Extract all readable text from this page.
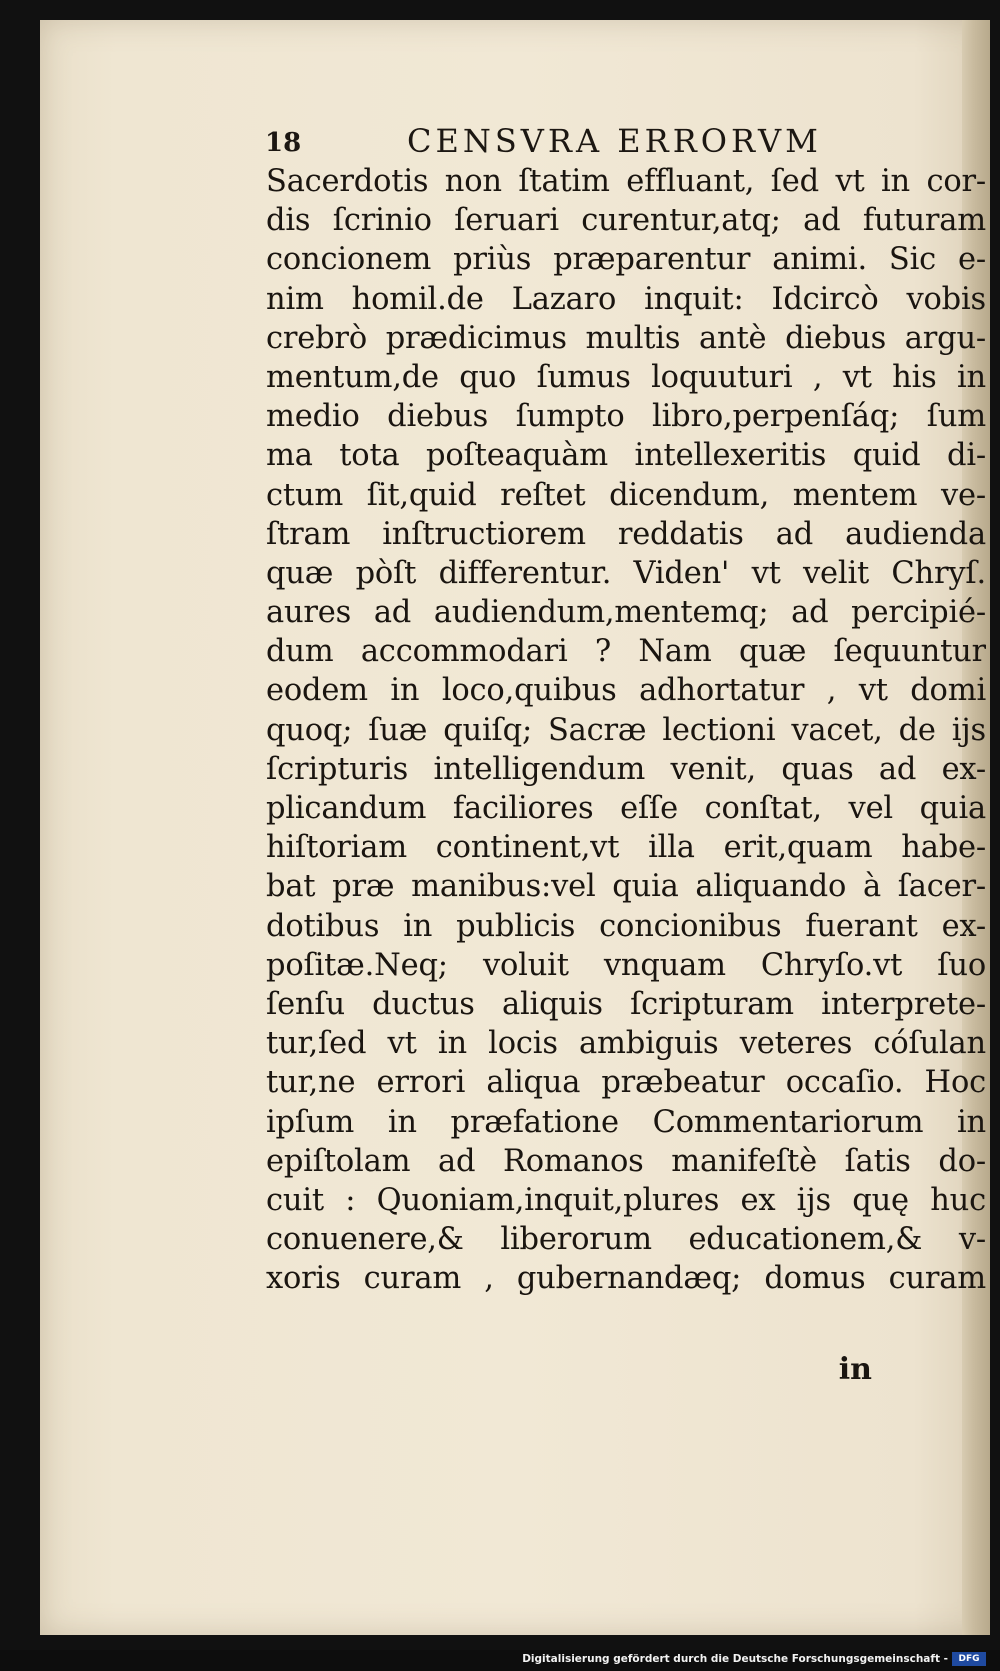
18	CENSVRA ERRORVM
Sacerdotis non ſtatim effluant, ſed vt in cor-
dis ſcrinio ſeruari curentur,atq; ad futuram
concionem priùs præparentur animi. Sic e-
nim homil.de Lazaro inquit: Idcircò vobis
crebrò prædicimus multis antè diebus argu-
mentum,de quo ſumus loquuturi , vt his in
medio diebus ſumpto libro,perpenſáq; ſum
ma tota poſteaquàm intellexeritis quid di-
ctum ſit,quid reſtet dicendum, mentem ve-
ſtram inſtructiorem reddatis ad audienda
quæ pòſt differentur. Viden' vt velit Chryſ.
aures ad audiendum,mentemq; ad percipié-
dum accommodari ? Nam quæ ſequuntur
eodem in loco,quibus adhortatur , vt domi
quoq; ſuæ quiſq; Sacræ lectioni vacet, de ijs
ſcripturis intelligendum venit, quas ad ex-
plicandum faciliores eſſe conſtat, vel quia
hiſtoriam continent,vt illa erit,quam habe-
bat præ manibus:vel quia aliquando à ſacer-
dotibus in publicis concionibus fuerant ex-
poſitæ.Neq; voluit vnquam Chryſo.vt ſuo
ſenſu ductus aliquis ſcripturam interprete-
tur,ſed vt in locis ambiguis veteres cóſulan
tur,ne errori aliqua præbeatur occaſio. Hoc
ipſum in præfatione Commentariorum in
epiſtolam ad Romanos manifeſtè ſatis do-
cuit : Quoniam,inquit,plures ex ijs quę huc
conuenere,& liberorum educationem,& v-
xoris curam , gubernandæq; domus curam
in
Digitalisierung gefördert durch die Deutsche Forschungsgemeinschaft -	DFG
